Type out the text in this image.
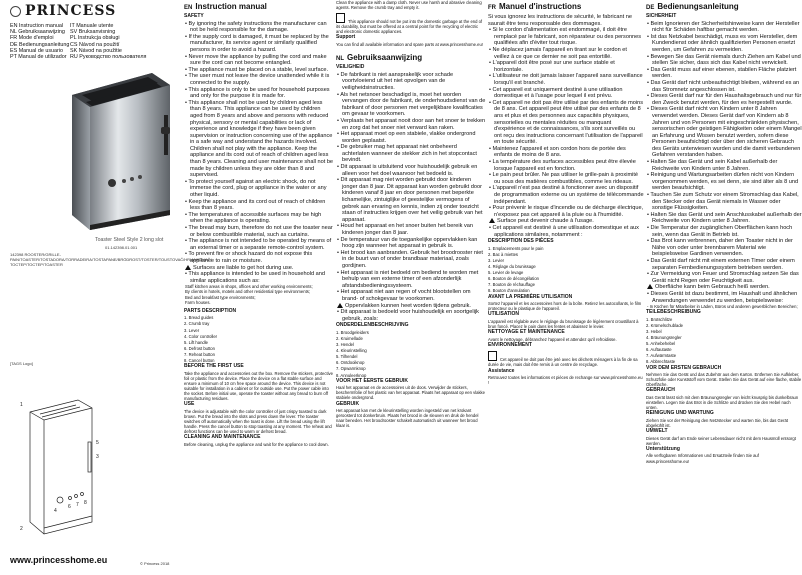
PRINCESS
EN Instruction manual
NL Gebruiksaanwijzing
FR Mode d'emploi
DE Bedienungsanleitung
ES Manual de usuario
PT Manual de utilizador
IT Manuale utente
SV Bruksanvisning
PL Instrukcja obsługi
CS Návod na použití
SK Návod na použitie
RU Руководство пользователя
Toaster Steel Style 2 long slot
01.142398.01.001
142398 ROOSTER/GRILLE-PAIN/TOASTER/TOSTADORA/TORRADEIRA/TOSTAPANE/BRÖDROST/TOSTER/TOUSTOVAČ/HRIANKOVAČ/ТОСТЕР/ТОСТЕР/TOASTER
[TAGS Logo]
1
2
3
4
5
6 7 8
www.princesshome.eu	© Princess 2018
EN Instruction manual
SAFETY
• By ignoring the safety instructions the manufacturer can not be held responsible for the damage.
• If the supply cord is damaged, it must be replaced by the manufacturer, its service agent or similarly qualified persons in order to avoid a hazard.
• Never move the appliance by pulling the cord and make sure the cord can not become entangled.
• The appliance must be placed on a stable, level surface.
• The user must not leave the device unattended while it is connected to the supply.
• This appliance is only to be used for household purposes and only for the purpose it is made for.
• This appliance shall not be used by children aged less than 8 years. This appliance can be used by children aged from 8 years and above and persons with reduced physical, sensory or mental capabilities or lack of experience and knowledge if they have been given supervision or instruction concerning use of the appliance in a safe way and understand the hazards involved. Children shall not play with the appliance. Keep the appliance and its cord out of reach of children aged less than 8 years. Cleaning and user maintenance shall not be made by children unless they are older than 8 and supervised.
• To protect yourself against an electric shock, do not immerse the cord, plug or appliance in the water or any other liquid.
• Keep the appliance and its cord out of reach of children less than 8 years.
• The temperatures of accessible surfaces may be high when the appliance is operating.
• The bread may burn, therefore do not use the toaster near or below combustible material, such as curtains.
• The appliance is not intended to be operated by means of an external timer or a separate remote-control system.
• To prevent fire or shock hazard do not expose this appliance to rain or moisture.
Surfaces are liable to get hot during use.
• This appliance is intended to be used in household and similar applications such as:
Staff kitchen areas in shops, offices and other working environments;
By clients in hotels, motels and other residential type environments;
Bed and breakfast type environments;
Farm houses.
PARTS DESCRIPTION
1. Bread guides
2. Crumb tray
3. Lever
4. Color controller
5. Lift handle
6. Defrost button
7. Reheat button
8. Cancel button
BEFORE THE FIRST USE
Take the appliance and accessories out the box. Remove the stickers, protective foil or plastic from the device. Place the device on a flat stable surface and ensure a minimum of 10 cm free space around the device. This device is not suitable for installation in a cabinet or for outside use. Put the power cable into the socket. Before initial use, operate the toaster without any bread to burn off manufacturing residues.
USE
The device is adjustable with the color controller of just crispy toasted to dark brown. Put the bread into the slots and press down the lever. The toaster switches off automatically when the toast is done. Lift the bread using the lift handle. Press the cancel button to stop toasting at any moment. The reheat and defrost functions can be used to warm or defrost bread.
CLEANING AND MAINTENANCE
Before cleaning, unplug the appliance and wait for the appliance to cool down.
Clean the appliance with a damp cloth. Never use harsh and abrasive cleaning agents. Remove the crumb tray and empty it.
This appliance should not be put into the domestic garbage at the end of its durability, but must be offered at a central point for the recycling of electric and electronic domestic appliances.
Support
You can find all available information and spare parts at www.princesshome.eu!
NL Gebruiksaanwijzing
VEILIGHEID
• De fabrikant is niet aansprakelijk voor schade voortvloeiend uit het niet opvolgen van de veiligheidsinstructies.
• Als het netsnoer beschadigd is, moet het worden vervangen door de fabrikant, de onderhoudsdienst van de fabrikant of door personen met vergelijkbare kwalificaties om gevaar te voorkomen.
• Verplaats het apparaat nooit door aan het snoer te trekken en zorg dat het snoer niet verward kan raken.
• Het apparaat moet op een stabiele, vlakke ondergrond worden geplaatst.
• De gebruiker mag het apparaat niet onbeheerd achterlaten wanneer de stekker zich in het stopcontact bevindt.
• Dit apparaat is uitsluitend voor huishoudelijk gebruik en alleen voor het doel waarvoor het bedoeld is.
• Dit apparaat mag niet worden gebruikt door kinderen jonger dan 8 jaar. Dit apparaat kan worden gebruikt door kinderen vanaf 8 jaar en door personen met beperkte lichamelijke, zintuiglijke of geestelijke vermogens of gebrek aan ervaring en kennis, indien zij onder toezicht staan of instructies krijgen over het veilig gebruik van het apparaat.
• Houd het apparaat en het snoer buiten het bereik van kinderen jonger dan 8 jaar.
• De temperatuur van de toegankelijke oppervlakken kan hoog zijn wanneer het apparaat in gebruik is.
• Het brood kan aanbranden. Gebruik het broodrooster niet in de buurt van of onder brandbaar materiaal, zoals gordijnen.
• Het apparaat is niet bedoeld om bediend te worden met behulp van een externe timer of een afzonderlijk afstandsbedieningssysteem.
• Het apparaat niet aan regen of vocht blootstellen om brand- of schokgevaar te voorkomen.
Oppervlakken kunnen heet worden tijdens gebruik.
• Dit apparaat is bedoeld voor huishoudelijk en soortgelijk gebruik, zoals:
ONDERDELENBESCHRIJVING
1. Broodgeleiders
2. Kruimellade
3. Hendel
4. Kleurinstelling
5. Tilhendel
6. Ontdooiknop
7. Opwarmknop
8. Annuleerknop
VOOR HET EERSTE GEBRUIK
Haal het apparaat en de accessoires uit de doos. Verwijder de stickers, beschermfolie of het plastic van het apparaat. Plaats het apparaat op een vlakke stabiele ondergrond.
GEBRUIK
Het apparaat kan met de kleurinstelling worden ingesteld van net krokant geroosterd tot donkerbruin. Plaats het brood in de sleuven en druk de hendel naar beneden. Het broodrooster schakelt automatisch uit wanneer het brood klaar is.
FR Manuel d'instructions
Si vous ignorez les instructions de sécurité, le fabricant ne saurait être tenu responsable des dommages.
• Si le cordon d'alimentation est endommagé, il doit être remplacé par le fabricant, son réparateur ou des personnes qualifiées afin d'éviter tout risque.
• Ne déplacez jamais l'appareil en tirant sur le cordon et veillez à ce que ce dernier ne soit pas entortillé.
• L'appareil doit être posé sur une surface stable et horizontale.
• L'utilisateur ne doit jamais laisser l'appareil sans surveillance lorsqu'il est branché.
• Cet appareil est uniquement destiné à une utilisation domestique et à l'usage pour lequel il est prévu.
• Cet appareil ne doit pas être utilisé par des enfants de moins de 8 ans. Cet appareil peut être utilisé par des enfants de 8 ans et plus et des personnes aux capacités physiques, sensorielles ou mentales réduites ou manquant d'expérience et de connaissances, s'ils sont surveillés ou ont reçu des instructions concernant l'utilisation de l'appareil en toute sécurité.
• Maintenez l'appareil et son cordon hors de portée des enfants de moins de 8 ans.
• La température des surfaces accessibles peut être élevée lorsque l'appareil est en fonction.
• Le pain peut brûler. Ne pas utiliser le grille-pain à proximité ou sous des matières combustibles, comme les rideaux.
• L'appareil n'est pas destiné à fonctionner avec un dispositif de programmation externe ou un système de télécommande indépendant.
• Pour prévenir le risque d'incendie ou de décharge électrique, n'exposez pas cet appareil à la pluie ou à l'humidité.
Surface peut devenir chaude à l'usage.
• Cet appareil est destiné à une utilisation domestique et aux applications similaires, notamment :
DESCRIPTION DES PIÈCES
1. Emplacements pour le pain
2. Bac à miettes
3. Levier
4. Réglage du brunissage
5. Levier de levage
6. Bouton de décongélation
7. Bouton de réchauffage
8. Bouton d'annulation
AVANT LA PREMIÈRE UTILISATION
Sortez l'appareil et les accessoires hors de la boîte. Retirez les autocollants, le film protecteur ou le plastique de l'appareil.
UTILISATION
L'appareil est réglable avec le réglage du brunissage de légèrement croustillant à brun foncé. Placez le pain dans les fentes et abaissez le levier.
NETTOYAGE ET MAINTENANCE
Avant le nettoyage, débranchez l'appareil et attendez qu'il refroidisse.
ENVIRONNEMENT
Cet appareil ne doit pas être jeté avec les déchets ménagers à la fin de sa durée de vie, mais doit être remis à un centre de recyclage.
Assistance
Retrouvez toutes les informations et pièces de rechange sur www.princesshome.eu !
DE Bedienungsanleitung
SICHERHEIT
• Beim Ignorieren der Sicherheitshinweise kann der Hersteller nicht für Schäden haftbar gemacht werden.
• Ist das Netzkabel beschädigt, muss es vom Hersteller, dem Kundendienst oder ähnlich qualifizierten Personen ersetzt werden, um Gefahren zu vermeiden.
• Bewegen Sie das Gerät niemals durch Ziehen am Kabel und stellen Sie sicher, dass sich das Kabel nicht verwickelt.
• Das Gerät muss auf einer ebenen, stabilen Fläche platziert werden.
• Das Gerät darf nicht unbeaufsichtigt bleiben, während es an das Stromnetz angeschlossen ist.
• Dieses Gerät darf nur für den Haushaltsgebrauch und nur für den Zweck benutzt werden, für den es hergestellt wurde.
• Dieses Gerät darf nicht von Kindern unter 8 Jahren verwendet werden. Dieses Gerät darf von Kindern ab 8 Jahren und von Personen mit eingeschränkten physischen, sensorischen oder geistigen Fähigkeiten oder einem Mangel an Erfahrung und Wissen benutzt werden, sofern diese Personen beaufsichtigt oder über den sicheren Gebrauch des Geräts unterwiesen wurden und die damit verbundenen Gefahren verstanden haben.
• Halten Sie das Gerät und sein Kabel außerhalb der Reichweite von Kindern unter 8 Jahren.
• Reinigung und Wartungsarbeiten dürfen nicht von Kindern vorgenommen werden, es sei denn, sie sind älter als 8 und werden beaufsichtigt.
• Tauchen Sie zum Schutz vor einem Stromschlag das Kabel, den Stecker oder das Gerät niemals in Wasser oder sonstige Flüssigkeiten.
• Halten Sie das Gerät und sein Anschlusskabel außerhalb der Reichweite von Kindern unter 8 Jahren.
• Die Temperatur der zugänglichen Oberflächen kann hoch sein, wenn das Gerät in Betrieb ist.
• Das Brot kann verbrennen, daher den Toaster nicht in der Nähe von oder unter brennbarem Material wie beispielsweise Gardinen verwenden.
• Das Gerät darf nicht mit einem externen Timer oder einem separaten Fernbedienungssystem betrieben werden.
• Zur Vermeidung von Feuer und Stromschlag setzen Sie das Gerät nicht Regen oder Feuchtigkeit aus.
Oberfläche kann beim Gebrauch heiß werden.
• Dieses Gerät ist dazu bestimmt, im Haushalt und ähnlichen Anwendungen verwendet zu werden, beispielsweise:
- In Küchen für Mitarbeiter in Läden, Büros und anderen gewerblichen Bereichen;
TEILEBESCHREIBUNG
1. Brotschlitze
2. Krümelschublade
3. Hebel
4. Bräunungsregler
5. Anhebehebel
6. Auftautaste
7. Aufwärmtaste
8. Abbrechtaste
VOR DEM ERSTEN GEBRAUCH
Nehmen Sie das Gerät und das Zubehör aus dem Karton. Entfernen Sie Aufkleber, Schutzfolie oder Kunststoff vom Gerät. Stellen Sie das Gerät auf eine flache, stabile Oberfläche.
GEBRAUCH
Das Gerät lässt sich mit dem Bräunungsregler von leicht knusprig bis dunkelbraun einstellen. Legen Sie das Brot in die Schlitze und drücken Sie den Hebel nach unten.
REINIGUNG UND WARTUNG
Ziehen Sie vor der Reinigung den Netzstecker und warten Sie, bis das Gerät abgekühlt ist.
UMWELT
Dieses Gerät darf am Ende seiner Lebensdauer nicht mit dem Hausmüll entsorgt werden.
Unterstützung
Alle verfügbaren Informationen und Ersatzteile finden Sie auf www.princesshome.eu!
